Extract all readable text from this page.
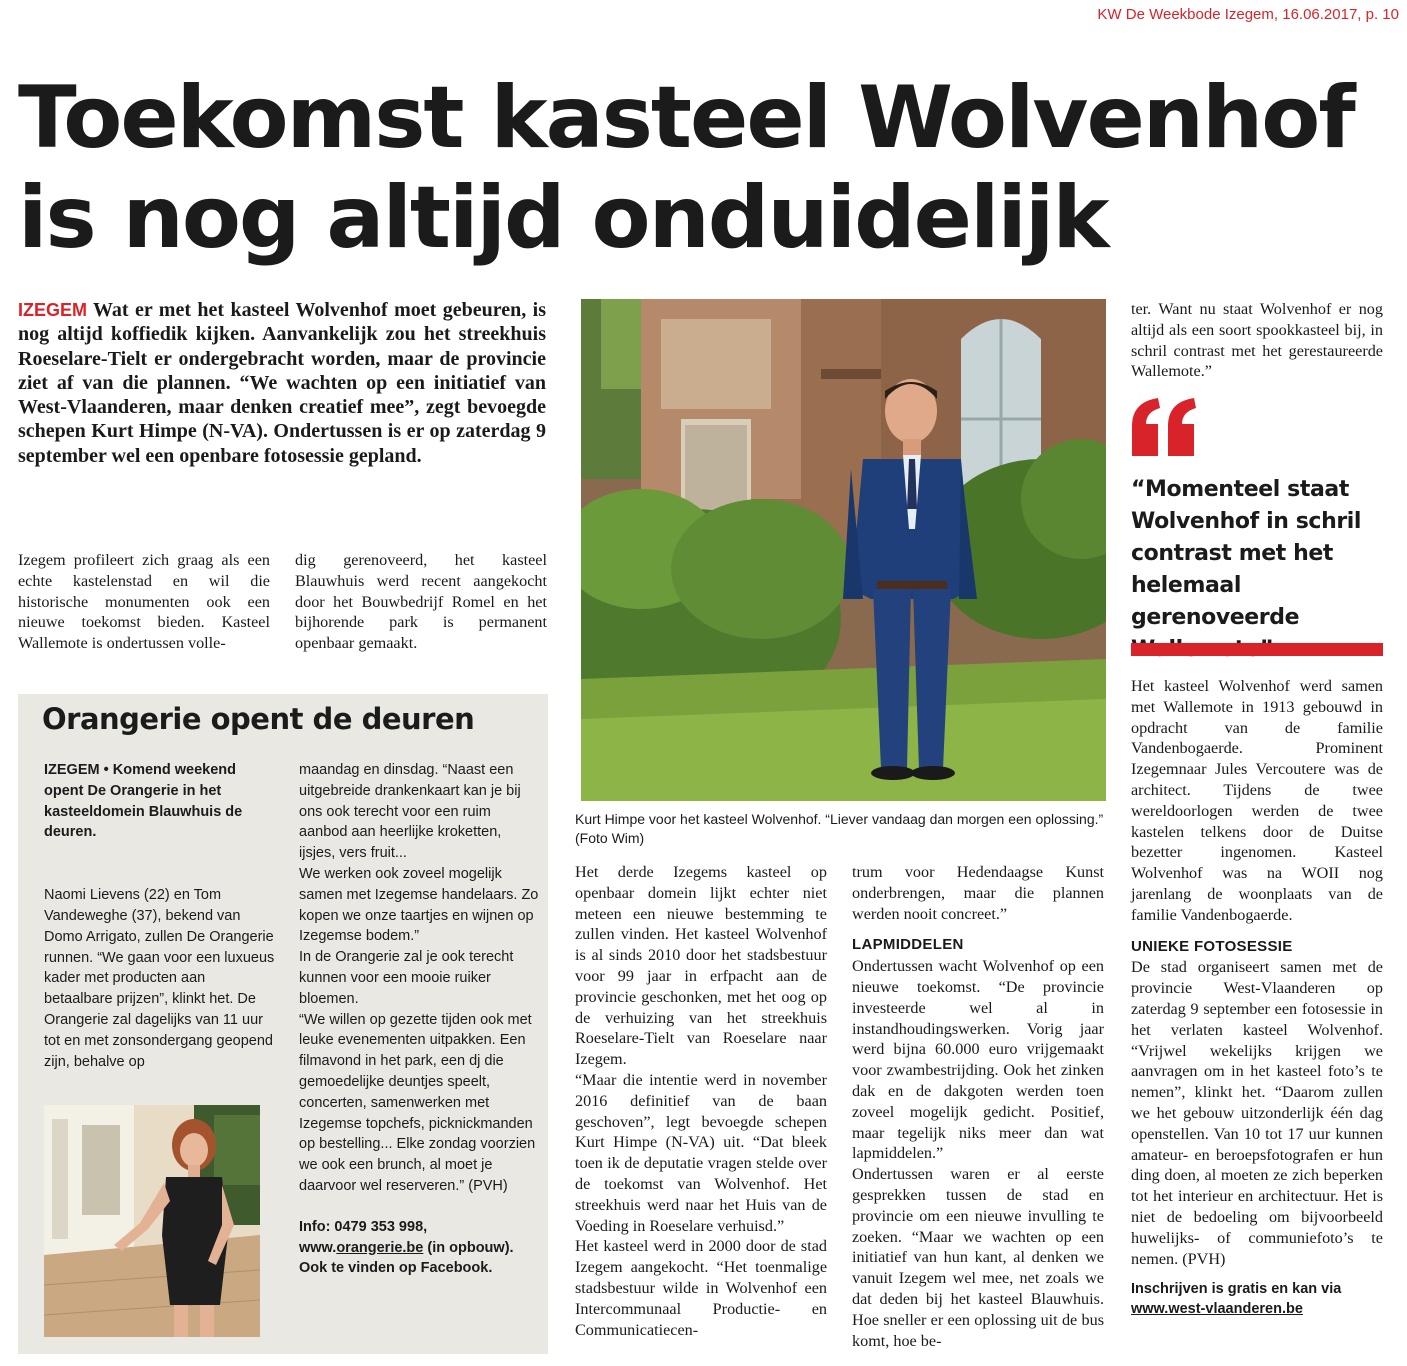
KW De Weekbode Izegem, 16.06.2017, p. 10
Toekomst kasteel Wolvenhof
is nog altijd onduidelijk
IZEGEM Wat er met het kasteel Wolvenhof moet gebeuren, is nog altijd koffiedik kijken. Aanvankelijk zou het streekhuis Roeselare-Tielt er ondergebracht worden, maar de provincie ziet af van die plannen. “We wachten op een initiatief van West-Vlaanderen, maar denken creatief mee”, zegt bevoegde schepen Kurt Himpe (N-VA). Ondertussen is er op zaterdag 9 september wel een openbare fotosessie gepland.

Izegem profileert zich graag als een echte kastelenstad en wil die historische monumenten ook een nieuwe toekomst bieden. Kasteel Wallemote is ondertussen volle-

dig gerenoveerd, het kasteel Blauwhuis werd recent aangekocht door het Bouwbedrijf Romel en het bijhorende park is permanent openbaar gemaakt.

Orangerie opent de deuren

IZEGEM • Komend weekend opent De Orangerie in het kasteeldomein Blauwhuis de deuren.

Naomi Lievens (22) en Tom Vandeweghe (37), bekend van Domo Arrigato, zullen De Orangerie runnen. “We gaan voor een luxueus kader met producten aan betaalbare prijzen”, klinkt het. De Orangerie zal dagelijks van 11 uur tot en met zonsondergang geopend zijn, behalve op

maandag en dinsdag. “Naast een uitgebreide drankenkaart kan je bij ons ook terecht voor een ruim aanbod aan heerlijke kroketten, ijsjes, vers fruit...

We werken ook zoveel mogelijk samen met Izegemse handelaars. Zo kopen we onze taartjes en wijnen op Izegemse bodem.”

In de Orangerie zal je ook terecht kunnen voor een mooie ruiker bloemen.

“We willen op gezette tijden ook met leuke evenementen uitpakken. Een filmavond in het park, een dj die gemoedelijke deuntjes speelt, concerten, samenwerken met Izegemse topchefs, picknickmanden op bestelling... Elke zondag voorzien we ook een brunch, al moet je daarvoor wel reserveren.” (PVH)

Info: 0479 353 998, www.orangerie.be (in opbouw). Ook te vinden op Facebook.

Kurt Himpe voor het kasteel Wolvenhof. “Liever vandaag dan morgen een oplossing.” (Foto Wim)

Het derde Izegems kasteel op openbaar domein lijkt echter niet meteen een nieuwe bestemming te zullen vinden. Het kasteel Wolvenhof is al sinds 2010 door het stadsbestuur voor 99 jaar in erfpacht aan de provincie geschonken, met het oog op de verhuizing van het streekhuis Roeselare-Tielt van Roeselare naar Izegem.

“Maar die intentie werd in november 2016 definitief van de baan geschoven”, legt bevoegde schepen Kurt Himpe (N-VA) uit. “Dat bleek toen ik de deputatie vragen stelde over de toekomst van Wolvenhof. Het streekhuis werd naar het Huis van de Voeding in Roeselare verhuisd.”

Het kasteel werd in 2000 door de stad Izegem aangekocht. “Het toenmalige stadsbestuur wilde in Wolvenhof een Intercommunaal Productie- en Communicatiecen-

trum voor Hedendaagse Kunst onderbrengen, maar die plannen werden nooit concreet.”

LAPMIDDELEN

Ondertussen wacht Wolvenhof op een nieuwe toekomst. “De provincie investeerde wel al in instandhoudingswerken. Vorig jaar werd bijna 60.000 euro vrijgemaakt voor zwambestrijding. Ook het zinken dak en de dakgoten werden toen zoveel mogelijk gedicht. Positief, maar tegelijk niks meer dan wat lapmiddelen.”

Ondertussen waren er al eerste gesprekken tussen de stad en provincie om een nieuwe invulling te zoeken. “Maar we wachten op een initiatief van hun kant, al denken we vanuit Izegem wel mee, net zoals we dat deden bij het kasteel Blauwhuis. Hoe sneller er een oplossing uit de bus komt, hoe be-

ter. Want nu staat Wolvenhof er nog altijd als een soort spookkasteel bij, in schril contrast met het gerestaureerde Wallemote.”

“Momenteel staat Wolvenhof in schril contrast met het helemaal gerenoveerde

Het kasteel Wolvenhof werd samen met Wallemote in 1913 gebouwd in opdracht van de familie Vandenbogaerde. Prominent Izegemnaar Jules Vercoutere was de architect. Tijdens de twee wereldoorlogen werden de twee kastelen telkens door de Duitse bezetter ingenomen. Kasteel Wolvenhof was na WOII nog jarenlang de woonplaats van de familie Vandenbogaerde.

UNIEKE FOTOSESSIE

De stad organiseert samen met de provincie West-Vlaanderen op zaterdag 9 september een fotosessie in het verlaten kasteel Wolvenhof. “Vrijwel wekelijks krijgen we aanvragen om in het kasteel foto’s te nemen”, klinkt het. “Daarom zullen we het gebouw uitzonderlijk één dag openstellen. Van 10 tot 17 uur kunnen amateur- en beroepsfotografen er hun ding doen, al moeten ze zich beperken tot het interieur en architectuur. Het is niet de bedoeling om bijvoorbeeld huwelijks- of communiefoto’s te nemen. (PVH)

Inschrijven is gratis en kan via
www.west-vlaanderen.be
